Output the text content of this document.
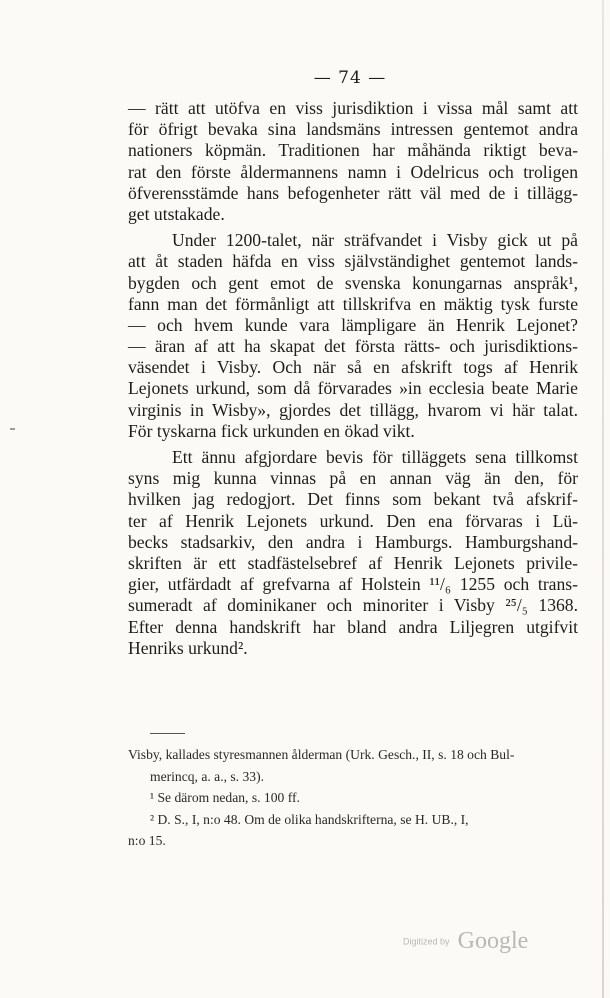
— 74 —
— rätt att utöfva en viss jurisdiktion i vissa mål samt att
för öfrigt bevaka sina landsmäns intressen gentemot andra
nationers köpmän. Traditionen har måhända riktigt beva-
rat den förste åldermannens namn i Odelricus och troligen
öfverensstämde hans befogenheter rätt väl med de i tillägg-
get utstakade.
Under 1200-talet, när sträfvandet i Visby gick ut på
att åt staden häfda en viss självständighet gentemot lands-
bygden och gent emot de svenska konungarnas anspråk¹,
fann man det förmånligt att tillskrifva en mäktig tysk furste
— och hvem kunde vara lämpligare än Henrik Lejonet?
— äran af att ha skapat det första rätts- och jurisdiktions-
väsendet i Visby. Och när så en afskrift togs af Henrik
Lejonets urkund, som då förvarades »in ecclesia beate Marie
virginis in Wisby», gjordes det tillägg, hvarom vi här talat.
För tyskarna fick urkunden en ökad vikt.
Ett ännu afgjordare bevis för tilläggets sena tillkomst
syns mig kunna vinnas på en annan väg än den, för
hvilken jag redogjort. Det finns som bekant två afskrif-
ter af Henrik Lejonets urkund. Den ena förvaras i Lü-
becks stadsarkiv, den andra i Hamburgs. Hamburgshand-
skriften är ett stadfästelsebref af Henrik Lejonets privile-
gier, utfärdadt af grefvarna af Holstein ¹¹/₆ 1255 och trans-
sumeradt af dominikaner och minoriter i Visby ²⁵/₅ 1368.
Efter denna handskrift har bland andra Liljegren utgifvit
Henriks urkund².
Visby, kallades styresmannen ålderman (Urk. Gesch., II, s. 18 och Bul-
merincq, a. a., s. 33).
¹ Se därom nedan, s. 100 ff.
² D. S., I, n:o 48. Om de olika handskrifterna, se H. UB., I,
n:o 15.
Digitized by Google
